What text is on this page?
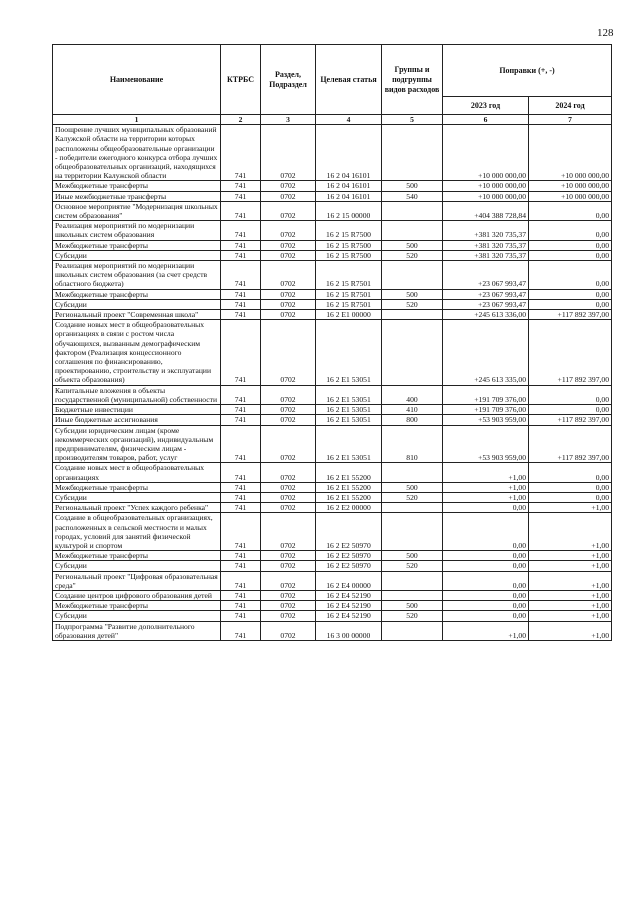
128
Наименование	КТРБС	Раздел, Подраздел	Целевая статья	Группы и подгруппы видов расходов	Поправки (+, -)	
					2023 год	2024 год
1	2	3	4	5	6	7
Поощрение лучших муниципальных образований Калужской области на территории которых расположены общеобразовательные организации - победители ежегодного конкурса отбора лучших общеобразовательных организаций, находящихся на территории Калужской области	741	0702	16 2 04 16101		+10 000 000,00	+10 000 000,00
Межбюджетные трансферты	741	0702	16 2 04 16101	500	+10 000 000,00	+10 000 000,00
Иные межбюджетные трансферты	741	0702	16 2 04 16101	540	+10 000 000,00	+10 000 000,00
Основное мероприятие "Модернизация школьных систем образования"	741	0702	16 2 15 00000		+404 388 728,84	0,00
Реализация мероприятий по модернизации школьных систем образования	741	0702	16 2 15 R7500		+381 320 735,37	0,00
Межбюджетные трансферты	741	0702	16 2 15 R7500	500	+381 320 735,37	0,00
Субсидии	741	0702	16 2 15 R7500	520	+381 320 735,37	0,00
Реализация мероприятий по модернизации школьных систем образования (за счет средств областного бюджета)	741	0702	16 2 15 R7501		+23 067 993,47	0,00
Межбюджетные трансферты	741	0702	16 2 15 R7501	500	+23 067 993,47	0,00
Субсидии	741	0702	16 2 15 R7501	520	+23 067 993,47	0,00
Региональный проект "Современная школа"	741	0702	16 2 E1 00000		+245 613 336,00	+117 892 397,00
Создание новых мест в общеобразовательных организациях в связи с ростом числа обучающихся, вызванным демографическим фактором (Реализация концессионного соглашения по финансированию, проектированию, строительству и эксплуатации объекта образования)	741	0702	16 2 E1 53051		+245 613 335,00	+117 892 397,00
Капитальные вложения в объекты государственной (муниципальной) собственности	741	0702	16 2 E1 53051	400	+191 709 376,00	0,00
Бюджетные инвестиции	741	0702	16 2 E1 53051	410	+191 709 376,00	0,00
Иные бюджетные ассигнования	741	0702	16 2 E1 53051	800	+53 903 959,00	+117 892 397,00
Субсидии юридическим лицам (кроме некоммерческих организаций), индивидуальным предпринимателям, физическим лицам - производителям товаров, работ, услуг	741	0702	16 2 E1 53051	810	+53 903 959,00	+117 892 397,00
Создание новых мест в общеобразовательных организациях	741	0702	16 2 E1 55200		+1,00	0,00
Межбюджетные трансферты	741	0702	16 2 E1 55200	500	+1,00	0,00
Субсидии	741	0702	16 2 E1 55200	520	+1,00	0,00
Региональный проект "Успех каждого ребенка"	741	0702	16 2 E2 00000		0,00	+1,00
Создание в общеобразовательных организациях, расположенных в сельской местности и малых городах, условий для занятий физической культурой и спортом	741	0702	16 2 E2 50970		0,00	+1,00
Межбюджетные трансферты	741	0702	16 2 E2 50970	500	0,00	+1,00
Субсидии	741	0702	16 2 E2 50970	520	0,00	+1,00
Региональный проект "Цифровая образовательная среда"	741	0702	16 2 E4 00000		0,00	+1,00
Создание центров цифрового образования детей	741	0702	16 2 E4 52190		0,00	+1,00
Межбюджетные трансферты	741	0702	16 2 E4 52190	500	0,00	+1,00
Субсидии	741	0702	16 2 E4 52190	520	0,00	+1,00
Подпрограмма "Развитие дополнительного образования детей"	741	0702	16 3 00 00000		+1,00	+1,00
